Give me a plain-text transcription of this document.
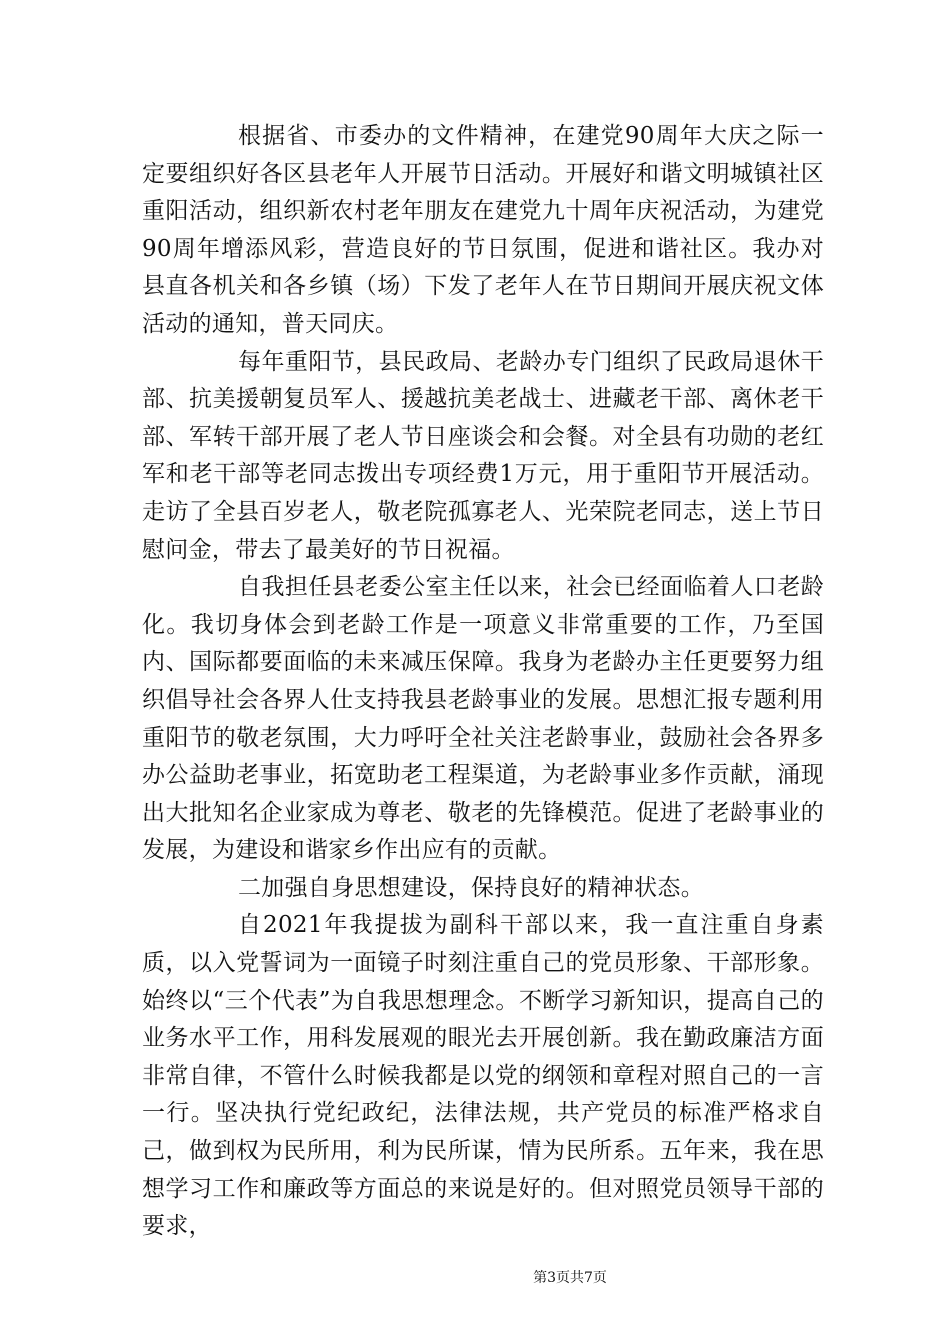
根据省、市委办的文件精神，在建党90周年大庆之际一定要组织好各区县老年人开展节日活动。开展好和谐文明城镇社区重阳活动，组织新农村老年朋友在建党九十周年庆祝活动，为建党90周年增添风彩，营造良好的节日氛围，促进和谐社区。我办对县直各机关和各乡镇（场）下发了老年人在节日期间开展庆祝文体活动的通知，普天同庆。

每年重阳节，县民政局、老龄办专门组织了民政局退休干部、抗美援朝复员军人、援越抗美老战士、进藏老干部、离休老干部、军转干部开展了老人节日座谈会和会餐。对全县有功勋的老红军和老干部等老同志拨出专项经费1万元，用于重阳节开展活动。走访了全县百岁老人，敬老院孤寡老人、光荣院老同志，送上节日慰问金，带去了最美好的节日祝福。

自我担任县老委公室主任以来，社会已经面临着人口老龄化。我切身体会到老龄工作是一项意义非常重要的工作，乃至国内、国际都要面临的未来减压保障。我身为老龄办主任更要努力组织倡导社会各界人仕支持我县老龄事业的发展。思想汇报专题利用重阳节的敬老氛围，大力呼吁全社关注老龄事业，鼓励社会各界多办公益助老事业，拓宽助老工程渠道，为老龄事业多作贡献，涌现出大批知名企业家成为尊老、敬老的先锋模范。促进了老龄事业的发展，为建设和谐家乡作出应有的贡献。

二加强自身思想建设，保持良好的精神状态。

自2021年我提拔为副科干部以来，我一直注重自身素质，以入党誓词为一面镜子时刻注重自己的党员形象、干部形象。始终以“三个代表”为自我思想理念。不断学习新知识，提高自己的业务水平工作，用科发展观的眼光去开展创新。我在勤政廉洁方面非常自律，不管什么时候我都是以党的纲领和章程对照自己的一言一行。坚决执行党纪政纪，法律法规，共产党员的标准严格求自己，做到权为民所用，利为民所谋，情为民所系。五年来，我在思想学习工作和廉政等方面总的来说是好的。但对照党员领导干部的要求，

第3页共7页
